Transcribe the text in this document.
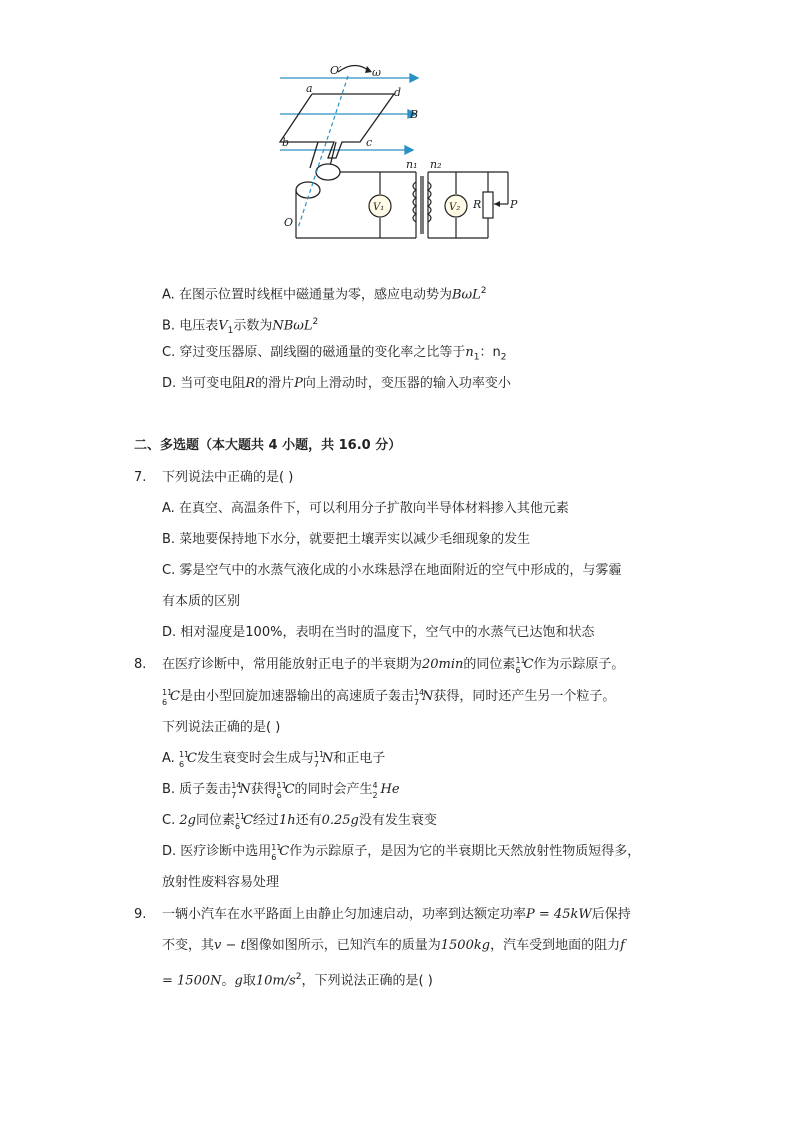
O′	ω
a	d
B
b	c
n₁ n₂
V₁	V₂ R	P
O
A. 在图示位置时线框中磁通量为零，感应电动势为BωL$^2$
B. 电压表$V_1$示数为NBωL$^2$
C. 穿过变压器原、副线圈的磁通量的变化率之比等于$n_1$：$n_2$
D. 当可变电阻R的滑片P向上滑动时，变压器的输入功率变小
二、多选题（本大题共 4 小题，共 16.0 分）
7. 下列说法中正确的是( )
A. 在真空、高温条件下，可以利用分子扩散向半导体材料掺入其他元素
B. 菜地要保持地下水分，就要把土壤弄实以减少毛细现象的发生
C. 雾是空气中的水蒸气液化成的小水珠悬浮在地面附近的空气中形成的，与雾霾
有本质的区别
D. 相对湿度是100%，表明在当时的温度下，空气中的水蒸气已达饱和状态
8. 在医疗诊断中，常用能放射正电子的半衰期为20min的同位素 11
6 C作为示踪原子。
11
6 C是由小型回旋加速器输出的高速质子轰击 14
7 N获得，同时还产生另一个粒子。
下列说法正确的是( )
A. 11
6 C发生衰变时会生成与 11
7 N和正电子
B. 质子轰击 14
7 N获得 11
6 C的同时会产生 4
2 He
C. 2g同位素 11
6 C经过1h还有0.25g没有发生衰变
D. 医疗诊断中选用 11
6 C作为示踪原子，是因为它的半衰期比天然放射性物质短得多，
放射性废料容易处理
9. 一辆小汽车在水平路面上由静止匀加速启动，功率到达额定功率P = 45kW后保持
不变，其v − t图像如图所示，已知汽车的质量为1500kg，汽车受到地面的阻力f
= 1500N。g取$10m/s^2$，下列说法正确的是( )
